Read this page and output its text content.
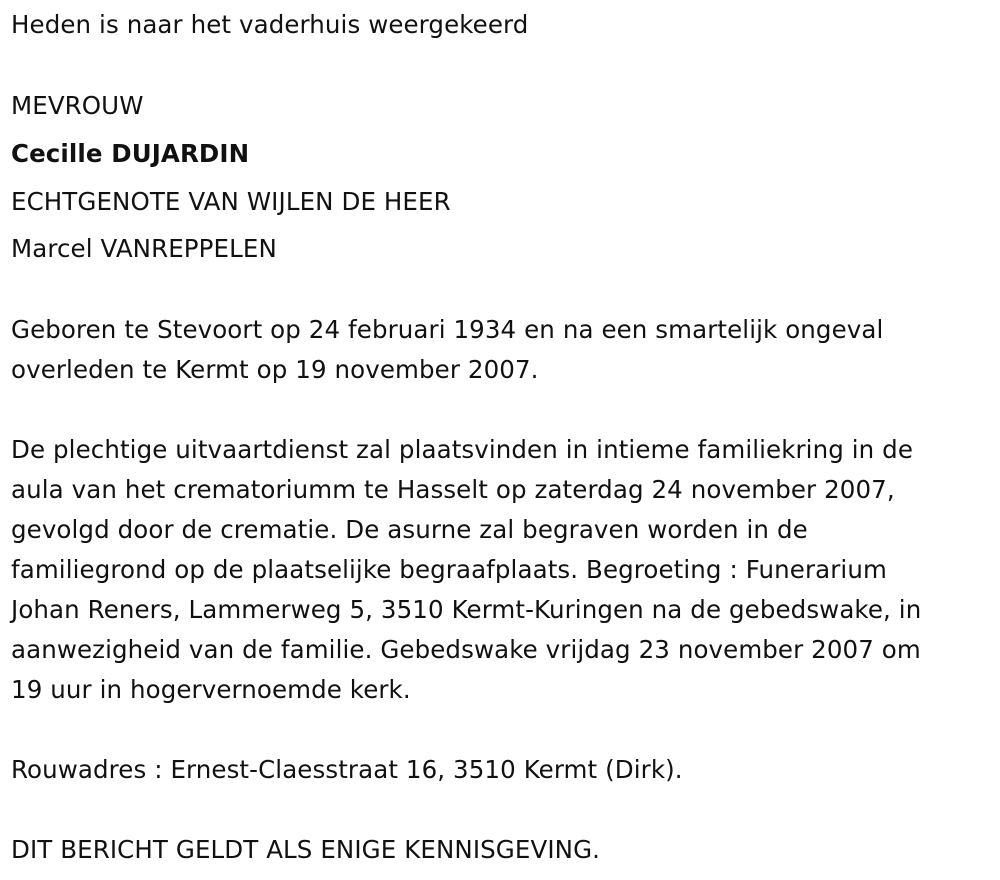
Heden is naar het vaderhuis weergekeerd
MEVROUW
Cecille DUJARDIN
ECHTGENOTE VAN WIJLEN DE HEER
Marcel VANREPPELEN
Geboren te Stevoort op 24 februari 1934 en na een smartelijk ongeval
overleden te Kermt op 19 november 2007.
De plechtige uitvaartdienst zal plaatsvinden in intieme familiekring in de
aula van het crematoriumm te Hasselt op zaterdag 24 november 2007,
gevolgd door de crematie. De asurne zal begraven worden in de
familiegrond op de plaatselijke begraafplaats. Begroeting : Funerarium
Johan Reners, Lammerweg 5, 3510 Kermt-Kuringen na de gebedswake, in
aanwezigheid van de familie. Gebedswake vrijdag 23 november 2007 om
19 uur in hogervernoemde kerk.
Rouwadres : Ernest-Claesstraat 16, 3510 Kermt (Dirk).
DIT BERICHT GELDT ALS ENIGE KENNISGEVING.
